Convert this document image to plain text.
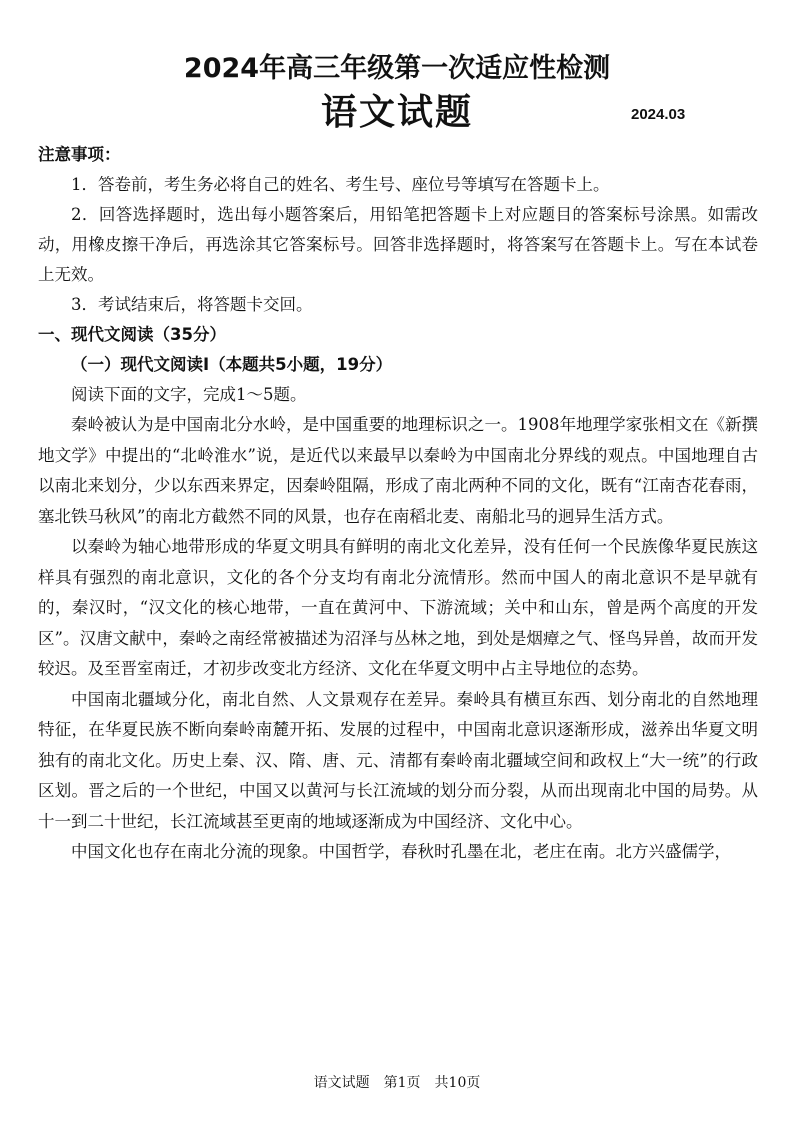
2024年高三年级第一次适应性检测
语文试题	2024.03

注意事项：

1．答卷前，考生务必将自己的姓名、考生号、座位号等填写在答题卡上。

2．回答选择题时，选出每小题答案后，用铅笔把答题卡上对应题目的答案标号涂黑。如需改动，用橡皮擦干净后，再选涂其它答案标号。回答非选择题时，将答案写在答题卡上。写在本试卷上无效。

3．考试结束后，将答题卡交回。

一、现代文阅读（35分）

（一）现代文阅读I（本题共5小题，19分）

阅读下面的文字，完成1～5题。

秦岭被认为是中国南北分水岭，是中国重要的地理标识之一。1908年地理学家张相文在《新撰地文学》中提出的“北岭淮水”说，是近代以来最早以秦岭为中国南北分界线的观点。中国地理自古以南北来划分，少以东西来界定，因秦岭阻隔，形成了南北两种不同的文化，既有“江南杏花春雨，塞北铁马秋风”的南北方截然不同的风景，也存在南稻北麦、南船北马的迥异生活方式。

以秦岭为轴心地带形成的华夏文明具有鲜明的南北文化差异，没有任何一个民族像华夏民族这样具有强烈的南北意识，文化的各个分支均有南北分流情形。然而中国人的南北意识不是早就有的，秦汉时，“汉文化的核心地带，一直在黄河中、下游流域；关中和山东，曾是两个高度的开发区”。汉唐文献中，秦岭之南经常被描述为沼泽与丛林之地，到处是烟瘴之气、怪鸟异兽，故而开发较迟。及至晋室南迁，才初步改变北方经济、文化在华夏文明中占主导地位的态势。

中国南北疆域分化，南北自然、人文景观存在差异。秦岭具有横亘东西、划分南北的自然地理特征，在华夏民族不断向秦岭南麓开拓、发展的过程中，中国南北意识逐渐形成，滋养出华夏文明独有的南北文化。历史上秦、汉、隋、唐、元、清都有秦岭南北疆域空间和政权上“大一统”的行政区划。晋之后的一个世纪，中国又以黄河与长江流域的划分而分裂，从而出现南北中国的局势。从十一到二十世纪，长江流域甚至更南的地域逐渐成为中国经济、文化中心。

中国文化也存在南北分流的现象。中国哲学，春秋时孔墨在北，老庄在南。北方兴盛儒学，

语文试题　第1页　共10页
